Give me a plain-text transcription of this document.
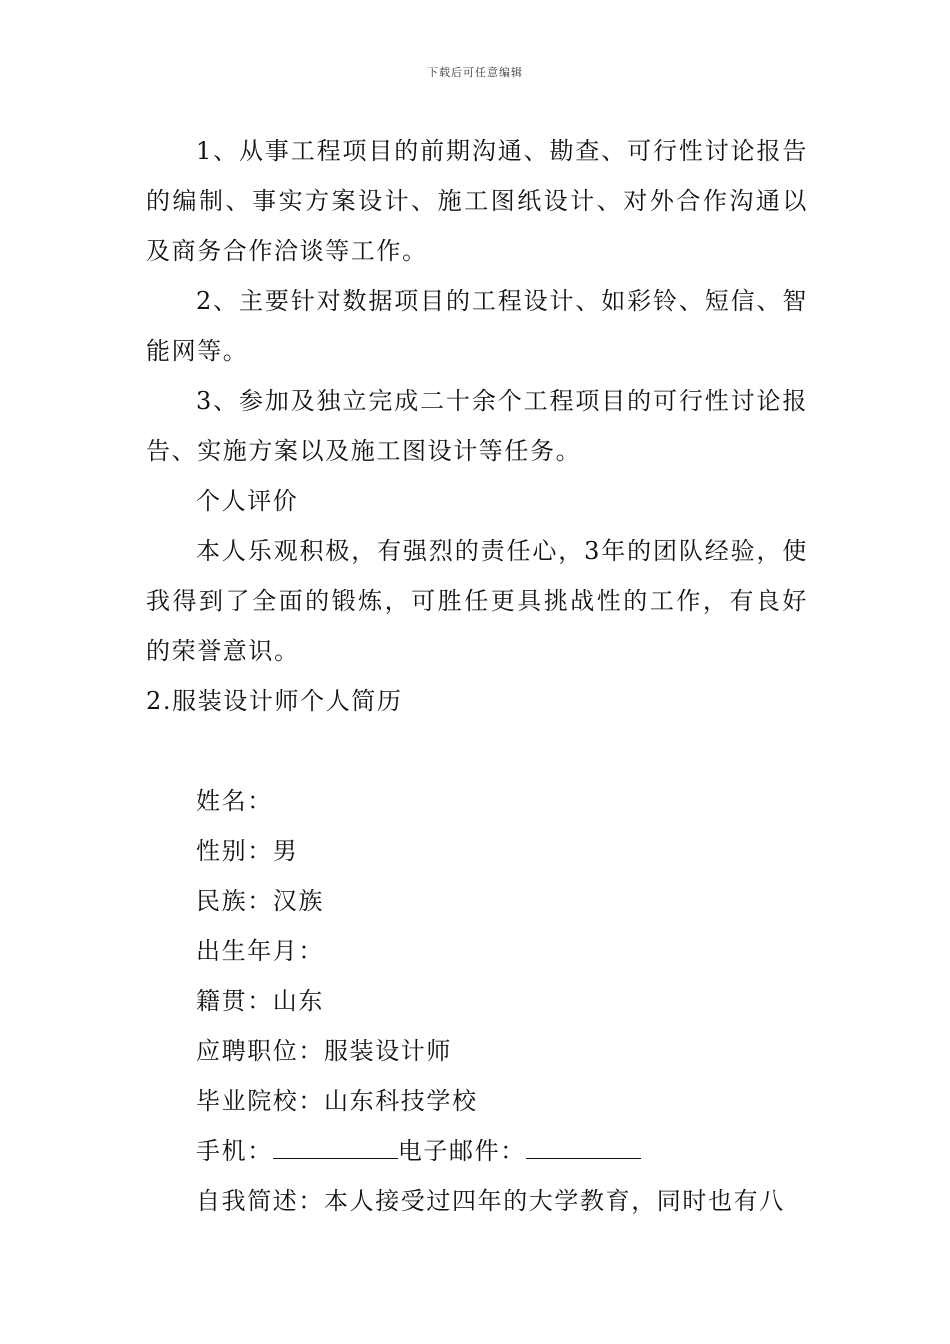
下载后可任意编辑

1、从事工程项目的前期沟通、勘查、可行性讨论报告的编制、事实方案设计、施工图纸设计、对外合作沟通以及商务合作洽谈等工作。

2、主要针对数据项目的工程设计、如彩铃、短信、智能网等。

3、参加及独立完成二十余个工程项目的可行性讨论报告、实施方案以及施工图设计等任务。

个人评价

本人乐观积极，有强烈的责任心，3年的团队经验，使我得到了全面的锻炼，可胜任更具挑战性的工作，有良好的荣誉意识。

2.服装设计师个人简历

姓名：

性别：男

民族：汉族

出生年月：

籍贯：山东

应聘职位：服装设计师

毕业院校：山东科技学校

手机：	电子邮件：

自我简述：本人接受过四年的大学教育，同时也有八
